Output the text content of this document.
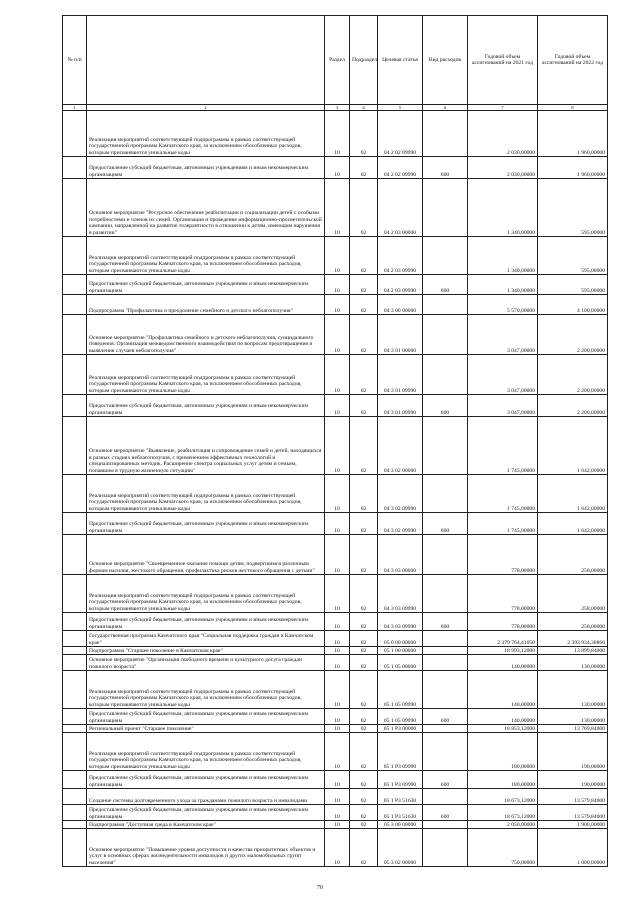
№ п/п		Раздел	Подраздел	Целевая статья	Вид расходов	Годовой объем ассигнований на 2021 год	Годовой объем ассигнований на 2022 год
1	2	3	4	5	6	7	8
	Реализация мероприятий соответствующей подпрограммы в рамках соответствующей государственной программы Камчатского края, за исключением обособленных расходов, которым присваиваются уникальные коды	10	02	04 2 02 09990		2 030,00000	1 960,00000
	Предоставление субсидий бюджетным, автономным учреждениям и иным некоммерческим организациям	10	02	04 2 02 09990	600	2 030,00000	1 960,00000
	Основное мероприятие "Ресурсное обеспечение реабилитации и социализации детей с особыми потребностями и членов их семей. Организация и проведение информационно-просветительской кампании, направленной на развитие толерантности в отношении к детям, имеющим нарушения в развитии"	10	02	04 2 03 00000		1 340,00000	595,00000
	Реализация мероприятий соответствующей подпрограммы в рамках соответствующей государственной программы Камчатского края, за исключением обособленных расходов, которым присваиваются уникальные коды	10	02	04 2 03 09990		1 340,00000	595,00000
	Предоставление субсидий бюджетным, автономным учреждениям и иным некоммерческим организациям	10	02	04 2 03 09990	600	1 340,00000	595,00000
	Подпрограмма "Профилактика и преодоление семейного и детского неблагополучия"	10	02	04 3 00 00000		5 570,00000	4 100,00000
	Основное мероприятие "Профилактика семейного и детского неблагополучия, суицидального поведения. Организация межведомственного взаимодействия по вопросам предотвращения и выявления случаев неблагополучия"	10	02	04 3 01 00000		3 047,00000	2 200,00000
	Реализация мероприятий соответствующей подпрограммы в рамках соответствующей государственной программы Камчатского края, за исключением обособленных расходов, которым присваиваются уникальные коды	10	02	04 3 01 09990		3 047,00000	2 200,00000
	Предоставление субсидий бюджетным, автономным учреждениям и иным некоммерческим организациям	10	02	04 3 01 09990	600	3 047,00000	2 200,00000
	Основное мероприятие "Выявление, реабилитация и сопровождение семей и детей, находящихся в разных стадиях неблагополучия, с применением эффективных технологий и специализированных методик. Расширение спектра социальных услуг детям и семьям, попавшим в трудную жизненную ситуацию"	10	02	04 3 02 00000		1 745,00000	1 642,00000
	Реализация мероприятий соответствующей подпрограммы в рамках соответствующей государственной программы Камчатского края, за исключением обособленных расходов, которым присваиваются уникальные коды	10	02	04 3 02 09990		1 745,00000	1 642,00000
	Предоставление субсидий бюджетным, автономным учреждениям и иным некоммерческим организациям	10	02	04 3 02 09990	600	1 745,00000	1 642,00000
	Основное мероприятие "Своевременное оказание помощи детям, подвергшимся различным формам насилия, жестокого обращения, профилактика рисков жестокого обращения с детьми"	10	02	04 3 03 00000		778,00000	258,00000
	Реализация мероприятий соответствующей подпрограммы в рамках соответствующей государственной программы Камчатского края, за исключением обособленных расходов, которым присваиваются уникальные коды	10	02	04 3 03 09990		778,00000	258,00000
	Предоставление субсидий бюджетным, автономным учреждениям и иным некоммерческим организациям	10	02	04 3 03 09990	600	778,00000	258,00000
	Государственная программа Камчатского края "Социальная поддержка граждан в Камчатском крае"	10	02	05 0 00 00000		2 379 764,41050	2 393 934,30860
	Подпрограмма "Старшее поколение в Камчатском крае"	10	02	05 1 00 00000		18 993,12000	13 899,84000
	Основное мероприятие "Организация свободного времени и культурного досуга граждан пожилого возраста"	10	02	05 1 05 00000		140,00000	130,00000
	Реализация мероприятий соответствующей подпрограммы в рамках соответствующей государственной программы Камчатского края, за исключением обособленных расходов, которым присваиваются уникальные коды	10	02	05 1 05 09990		140,00000	130,00000
	Предоставление субсидий бюджетным, автономным учреждениям и иным некоммерческим организациям	10	02	05 1 05 09990	600	140,00000	130,00000
	Региональный проект "Старшее поколение"	10	02	05 1 P3 00000		18 853,12000	13 769,84000
	Реализация мероприятий соответствующей подпрограммы в рамках соответствующей государственной программы Камчатского края, за исключением обособленных расходов, которым присваиваются уникальные коды	10	02	05 1 P3 09990		180,00000	190,00000
	Предоставление субсидий бюджетным, автономным учреждениям и иным некоммерческим организациям	10	02	05 1 P3 09990	600	180,00000	190,00000
	Создание системы долговременного ухода за гражданами пожилого возраста и инвалидами	10	02	05 1 P3 51630		18 673,12000	13 579,84000
	Предоставление субсидий бюджетным, автономным учреждениям и иным некоммерческим организациям	10	02	05 1 P3 51630	600	18 673,12000	13 579,84000
	Подпрограмма "Доступная среда в Камчатском крае"	10	02	05 3 00 00000		2 050,00000	1 900,00000
	Основное мероприятие "Повышение уровня доступности и качества приоритетных объектов и услуг в основных сферах жизнедеятельности инвалидов и других маломобильных групп населения"	10	02	05 3 02 00000		750,00000	1 000,00000
70
